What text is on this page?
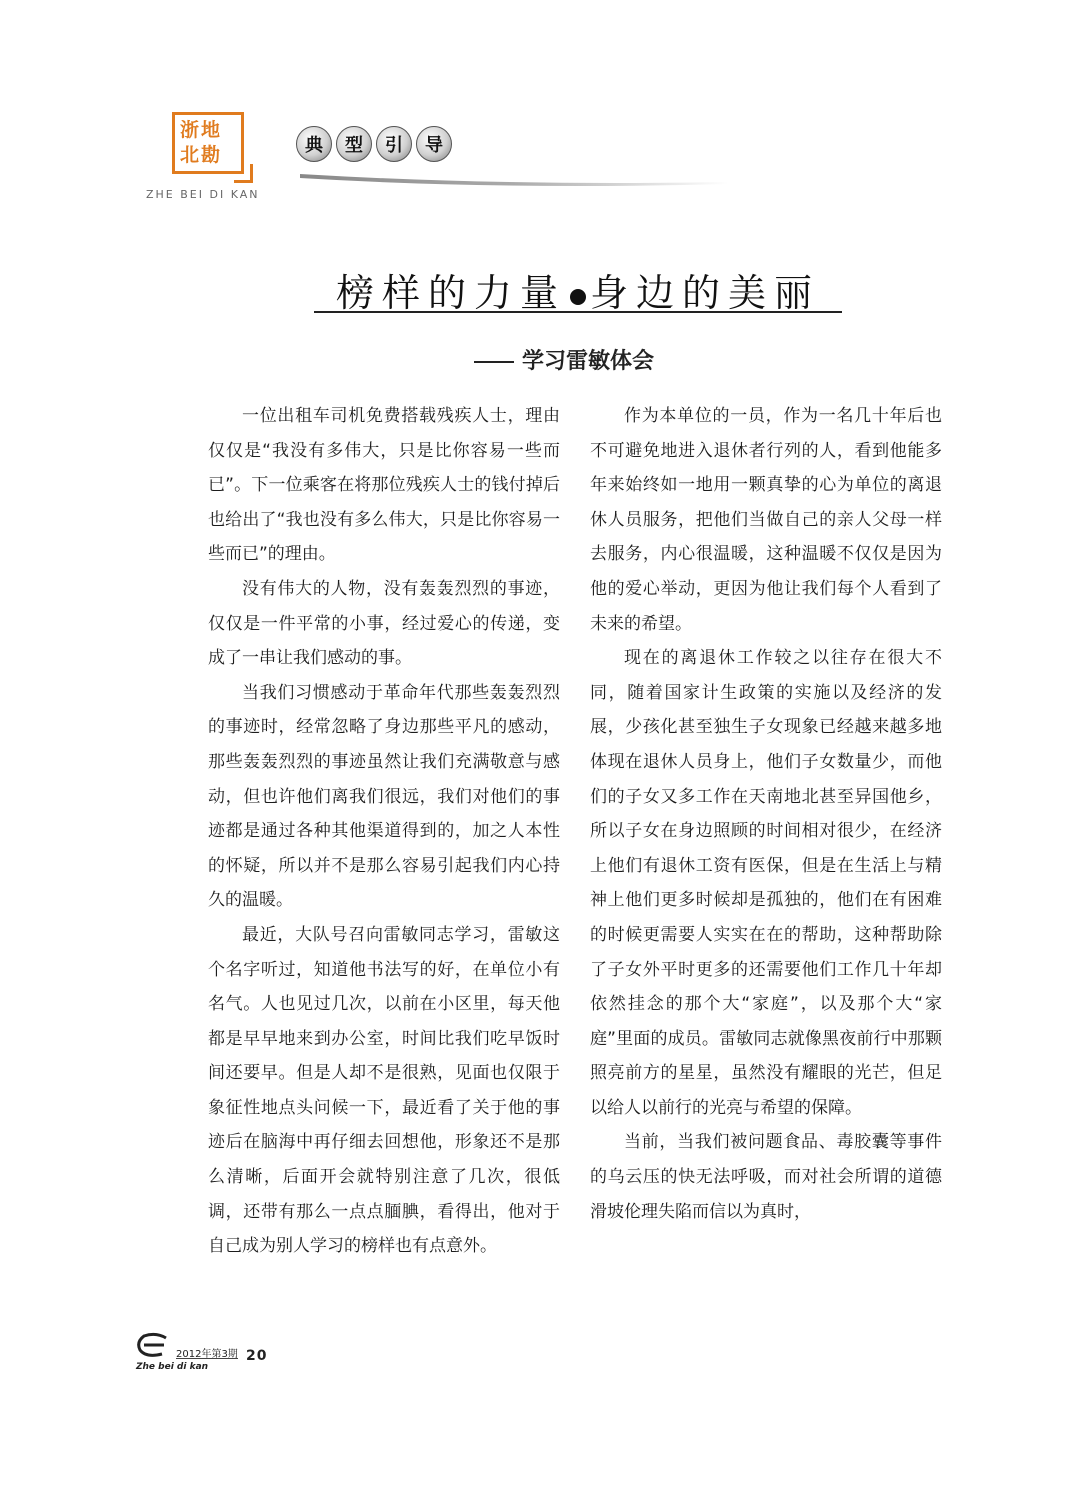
浙地北勘
ZHE BEI DI KAN
典	型	引	导
榜样的力量 身边的美丽
学习雷敏体会

一位出租车司机免费搭载残疾人士，理由仅仅是“我没有多伟大，只是比你容易一些而已”。下一位乘客在将那位残疾人士的钱付掉后也给出了“我也没有多么伟大，只是比你容易一些而已”的理由。

没有伟大的人物，没有轰轰烈烈的事迹，仅仅是一件平常的小事，经过爱心的传递，变成了一串让我们感动的事。

当我们习惯感动于革命年代那些轰轰烈烈的事迹时，经常忽略了身边那些平凡的感动，那些轰轰烈烈的事迹虽然让我们充满敬意与感动，但也许他们离我们很远，我们对他们的事迹都是通过各种其他渠道得到的，加之人本性的怀疑，所以并不是那么容易引起我们内心持久的温暖。

最近，大队号召向雷敏同志学习，雷敏这个名字听过，知道他书法写的好，在单位小有名气。人也见过几次，以前在小区里，每天他都是早早地来到办公室，时间比我们吃早饭时间还要早。但是人却不是很熟，见面也仅限于象征性地点头问候一下，最近看了关于他的事迹后在脑海中再仔细去回想他，形象还不是那么清晰，后面开会就特别注意了几次，很低调，还带有那么一点点腼腆，看得出，他对于自己成为别人学习的榜样也有点意外。

作为本单位的一员，作为一名几十年后也不可避免地进入退休者行列的人，看到他能多年来始终如一地用一颗真挚的心为单位的离退休人员服务，把他们当做自己的亲人父母一样去服务，内心很温暖，这种温暖不仅仅是因为他的爱心举动，更因为他让我们每个人看到了未来的希望。

现在的离退休工作较之以往存在很大不同，随着国家计生政策的实施以及经济的发展，少孩化甚至独生子女现象已经越来越多地体现在退休人员身上，他们子女数量少，而他们的子女又多工作在天南地北甚至异国他乡，所以子女在身边照顾的时间相对很少，在经济上他们有退休工资有医保，但是在生活上与精神上他们更多时候却是孤独的，他们在有困难的时候更需要人实实在在的帮助，这种帮助除了子女外平时更多的还需要他们工作几十年却依然挂念的那个大“家庭”，以及那个大“家庭”里面的成员。雷敏同志就像黑夜前行中那颗照亮前方的星星，虽然没有耀眼的光芒，但足以给人以前行的光亮与希望的保障。

当前，当我们被问题食品、毒胶囊等事件的乌云压的快无法呼吸，而对社会所谓的道德滑坡伦理失陷而信以为真时，

2012年第3期
Zhe bei di kan
20
